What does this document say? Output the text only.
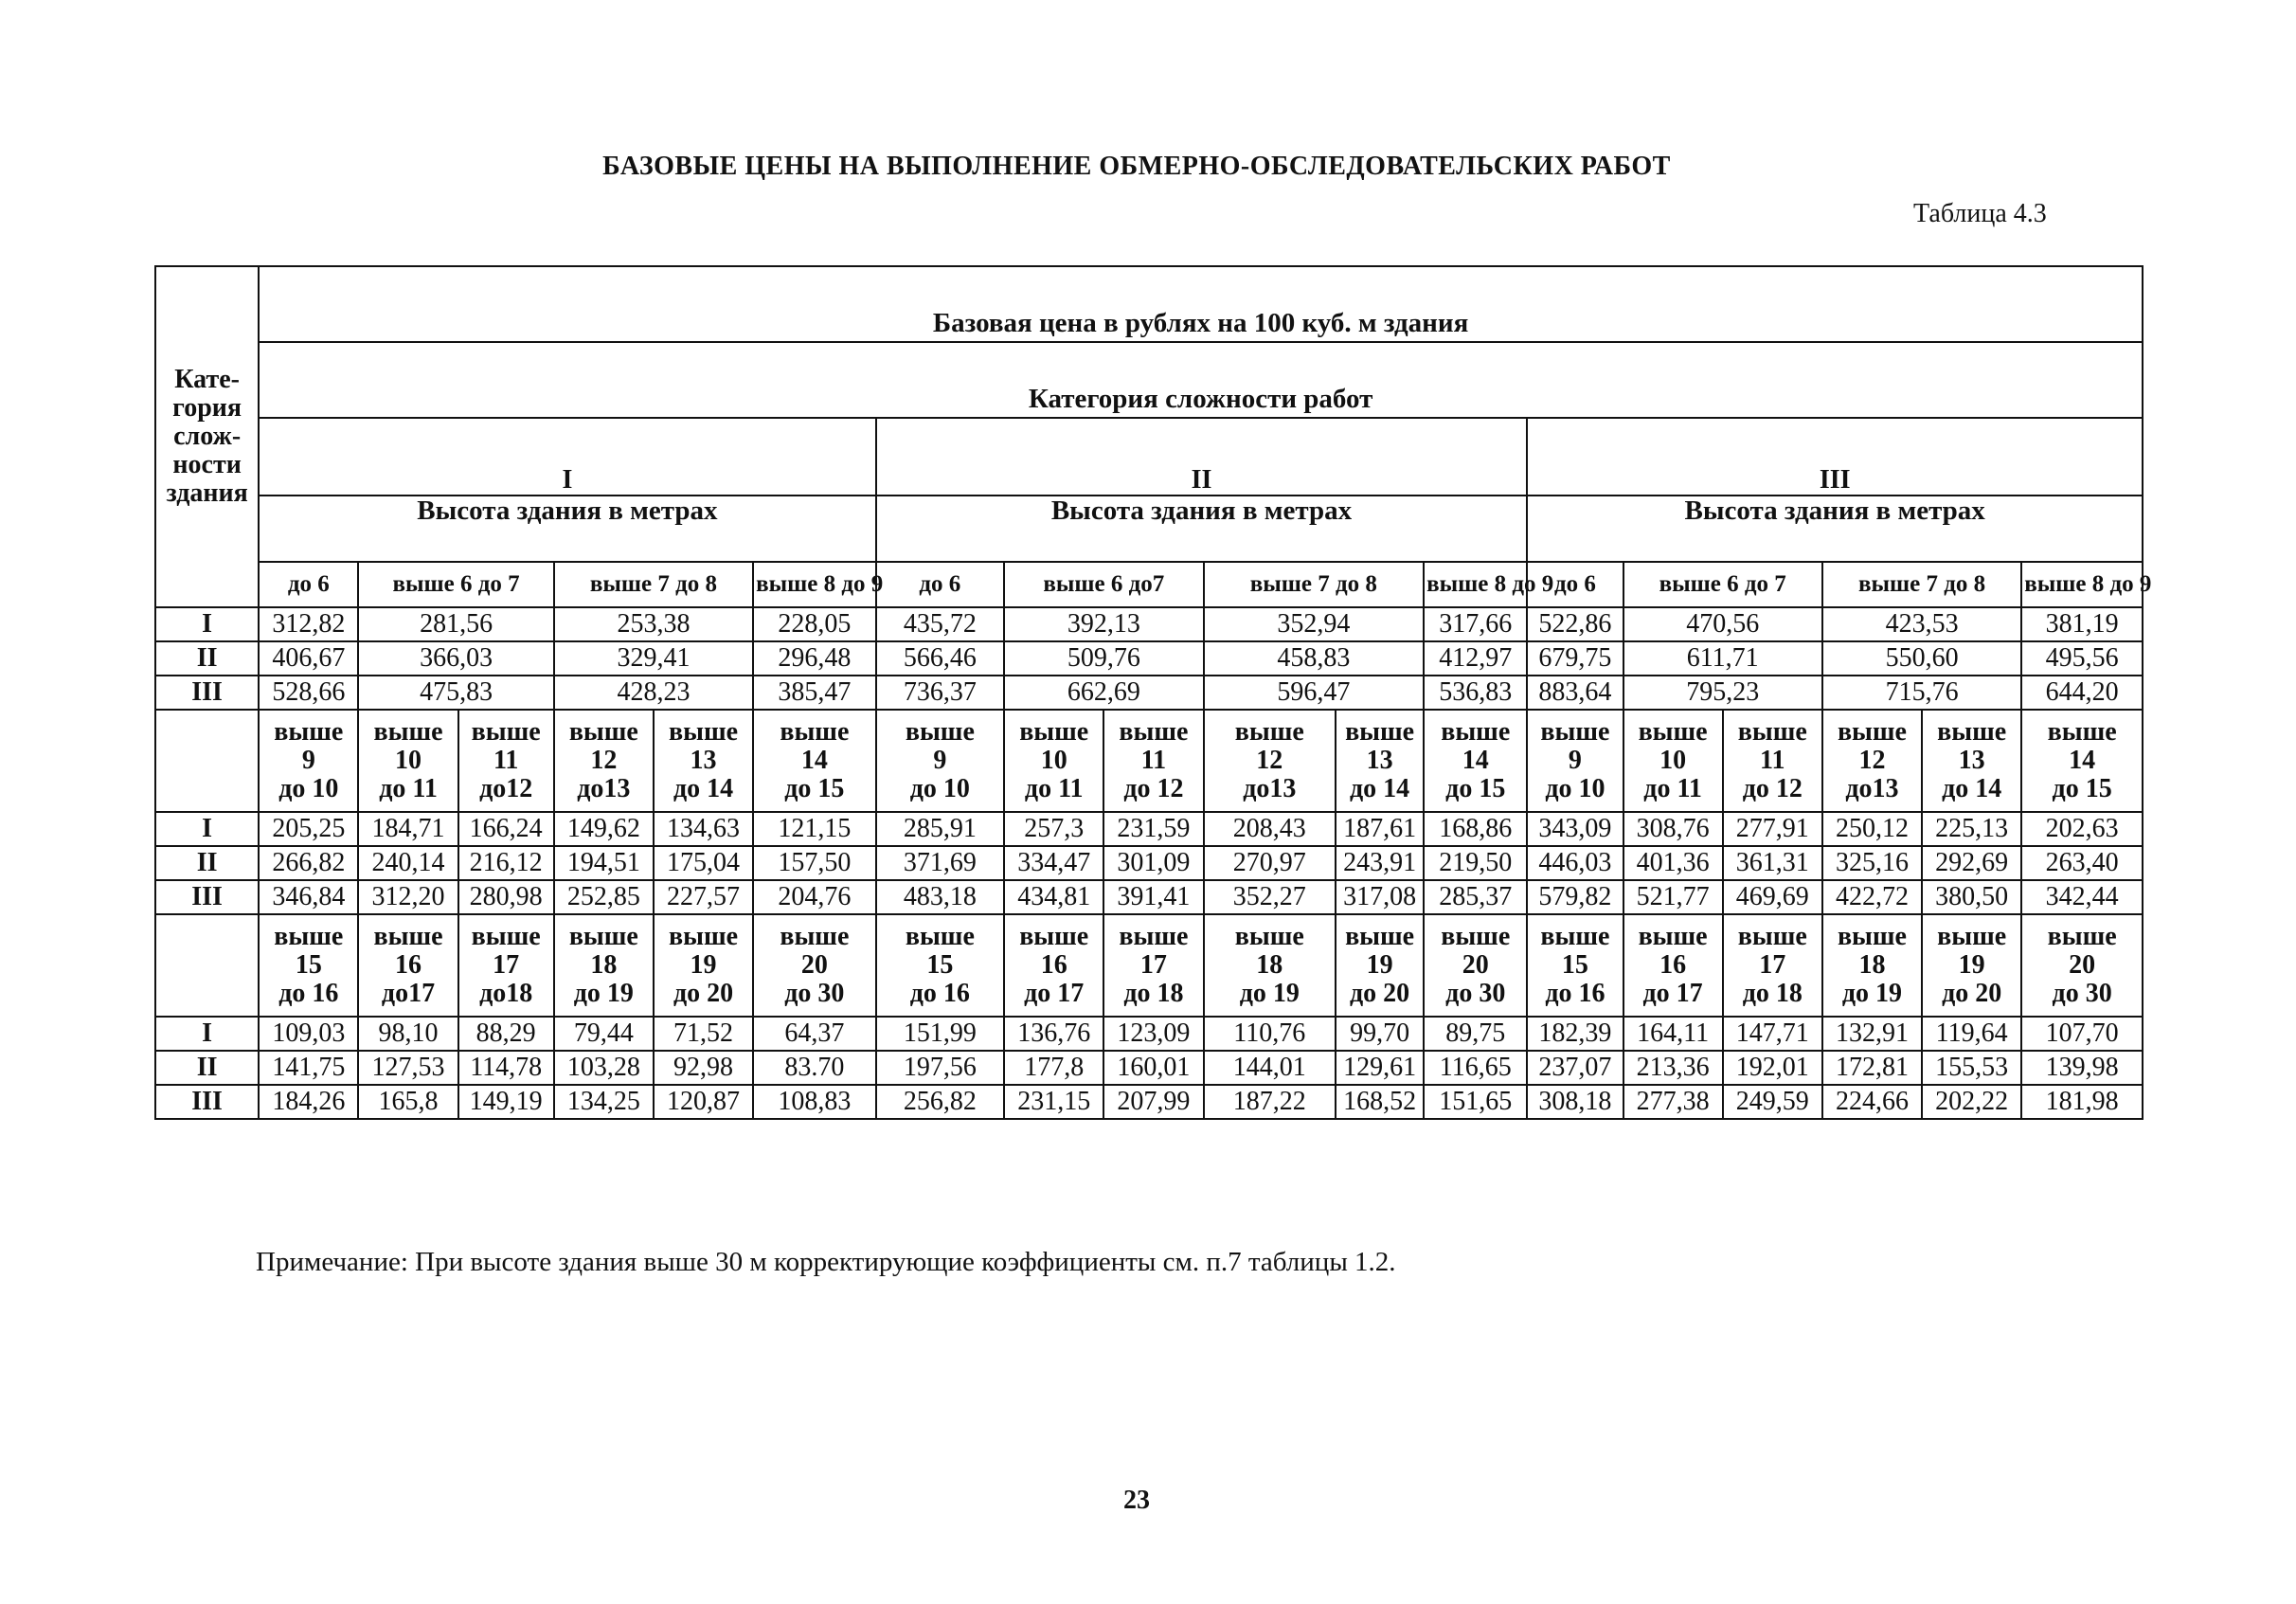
БАЗОВЫЕ ЦЕНЫ НА ВЫПОЛНЕНИЕ ОБМЕРНО-ОБСЛЕДОВАТЕЛЬСКИХ РАБОТ
Таблица 4.3
Кате-
гория
слож-
ности
здания	Базовая цена в рублях на 100 куб. м здания																	
	Категория сложности работ																	
	I						II						III					
	Высота здания в метрах						Высота здания в метрах						Высота здания в метрах					
	до 6	выше 6 до 7		выше 7 до 8		выше 8 до 9	до 6	выше 6 до7		выше 7 до 8		выше 8 до 9	до 6	выше 6 до 7		выше 7 до 8		выше 8 до 9

I	312,82	281,56		253,38		228,05	435,72	392,13		352,94		317,66	522,86	470,56		423,53		381,19
II	406,67	366,03		329,41		296,48	566,46	509,76		458,83		412,97	679,75	611,71		550,60		495,56
III	528,66	475,83		428,23		385,47	736,37	662,69		596,47		536,83	883,64	795,23		715,76		644,20

	выше
9
до 10	выше
10
до 11	выше
11
до12	выше
12
до13	выше
13
до 14	выше
14
до 15	выше
9
до 10	выше
10
до 11	выше
11
до 12	выше
12
до13	выше
13
до 14	выше
14
до 15	выше
9
до 10	выше
10
до 11	выше
11
до 12	выше
12
до13	выше
13
до 14	выше
14
до 15

I	205,25	184,71	166,24	149,62	134,63	121,15	285,91	257,3	231,59	208,43	187,61	168,86	343,09	308,76	277,91	250,12	225,13	202,63
II	266,82	240,14	216,12	194,51	175,04	157,50	371,69	334,47	301,09	270,97	243,91	219,50	446,03	401,36	361,31	325,16	292,69	263,40
III	346,84	312,20	280,98	252,85	227,57	204,76	483,18	434,81	391,41	352,27	317,08	285,37	579,82	521,77	469,69	422,72	380,50	342,44

	выше
15
до 16	выше
16
до17	выше
17
до18	выше
18
до 19	выше
19
до 20	выше
20
до 30	выше
15
до 16	выше
16
до 17	выше
17
до 18	выше
18
до 19	выше
19
до 20	выше
20
до 30	выше
15
до 16	выше
16
до 17	выше
17
до 18	выше
18
до 19	выше
19
до 20	выше
20
до 30

I	109,03	98,10	88,29	79,44	71,52	64,37	151,99	136,76	123,09	110,76	99,70	89,75	182,39	164,11	147,71	132,91	119,64	107,70
II	141,75	127,53	114,78	103,28	92,98	83.70	197,56	177,8	160,01	144,01	129,61	116,65	237,07	213,36	192,01	172,81	155,53	139,98
III	184,26	165,8	149,19	134,25	120,87	108,83	256,82	231,15	207,99	187,22	168,52	151,65	308,18	277,38	249,59	224,66	202,22	181,98
Примечание: При высоте здания выше 30 м корректирующие коэффициенты см. п.7 таблицы 1.2.
23
